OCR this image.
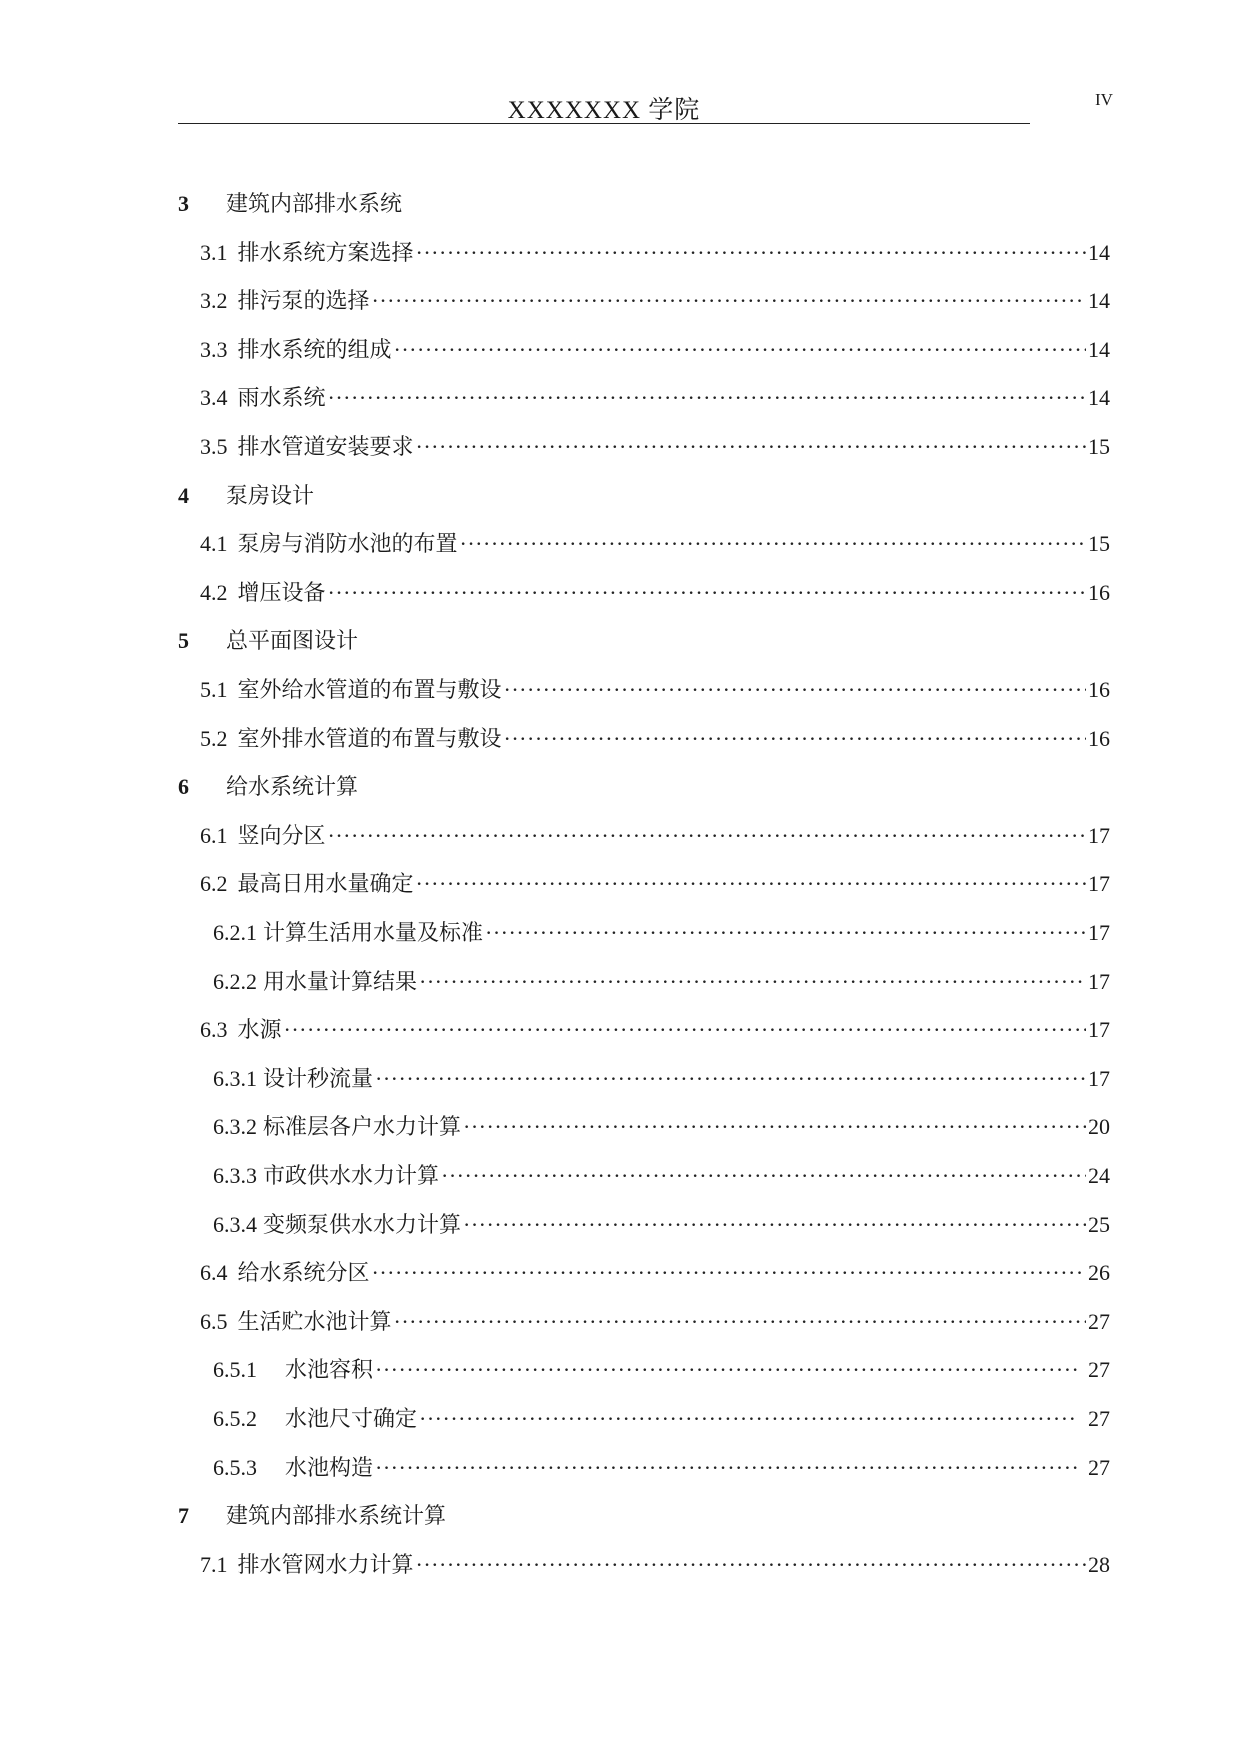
XXXXXXX 学院	IV
3	建筑内部排水系统
3.1 排水系统方案选择 ·····	14
3.2 排污泵的选择 ·····	14
3.3 排水系统的组成 ·····	14
3.4 雨水系统 ·····	14
3.5 排水管道安装要求 ·····	15
4	泵房设计
4.1 泵房与消防水池的布置 ·····	15
4.2 增压设备 ·····	16
5	总平面图设计
5.1 室外给水管道的布置与敷设 ·····	16
5.2 室外排水管道的布置与敷设 ·····	16
6	给水系统计算
6.1 竖向分区 ·····	17
6.2 最高日用水量确定 ·····	17
6.2.1 计算生活用水量及标准 ·····	17
6.2.2 用水量计算结果 ·····	17
6.3 水源 ·····	17
6.3.1 设计秒流量 ·····	17
6.3.2 标准层各户水力计算 ·····	20
6.3.3 市政供水水力计算 ·····	24
6.3.4 变频泵供水水力计算 ·····	25
6.4 给水系统分区 ·····	26
6.5 生活贮水池计算 ·····	27
6.5.1 水池容积 ·····	27
6.5.2 水池尺寸确定 ·····	27
6.5.3 水池构造 ·····	27
7	建筑内部排水系统计算
7.1 排水管网水力计算 ·····	28
